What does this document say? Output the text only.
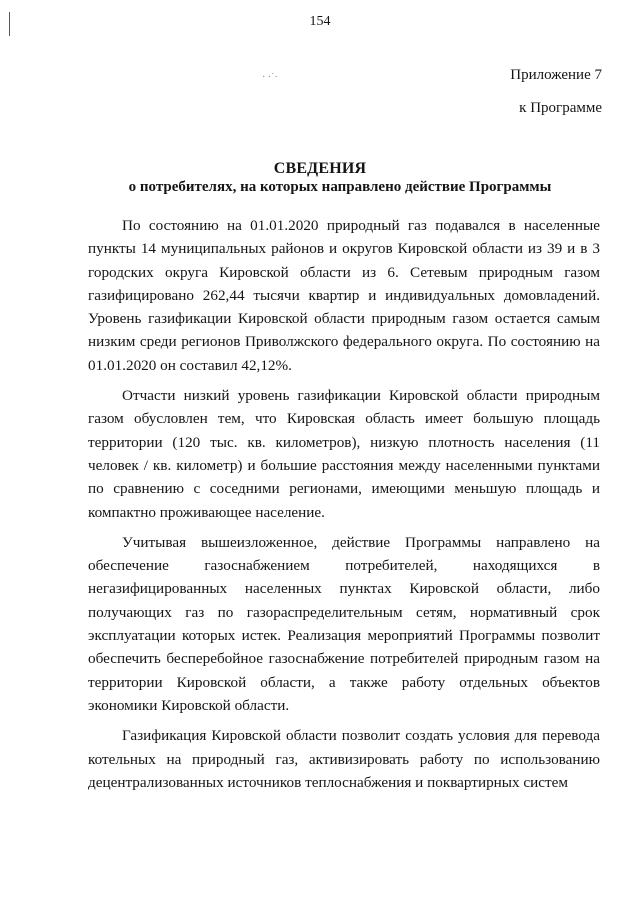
· ·˙·
154
Приложение 7
к Программе
СВЕДЕНИЯ
о потребителях, на которых направлено действие Программы

По состоянию на 01.01.2020 природный газ подавался в населенные пункты 14 муниципальных районов и округов Кировской области из 39 и в 3 городских округа Кировской области из 6. Сетевым природным газом газифицировано 262,44 тысячи квартир и индивидуальных домовладений. Уровень газификации Кировской области природным газом остается самым низким среди регионов Приволжского федерального округа. По состоянию на 01.01.2020 он составил 42,12%.

Отчасти низкий уровень газификации Кировской области природным газом обусловлен тем, что Кировская область имеет большую площадь территории (120 тыс. кв. километров), низкую плотность населения (11 человек / кв. километр) и большие расстояния между населенными пунктами по сравнению с соседними регионами, имеющими меньшую площадь и компактно проживающее население.

Учитывая вышеизложенное, действие Программы направлено на обеспечение газоснабжением потребителей, находящихся в негазифицированных населенных пунктах Кировской области, либо получающих газ по газораспределительным сетям, нормативный срок эксплуатации которых истек. Реализация мероприятий Программы позволит обеспечить бесперебойное газоснабжение потребителей природным газом на территории Кировской области, а также работу отдельных объектов экономики Кировской области.

Газификация Кировской области позволит создать условия для перевода котельных на природный газ, активизировать работу по использованию децентрализованных источников теплоснабжения и поквартирных систем
